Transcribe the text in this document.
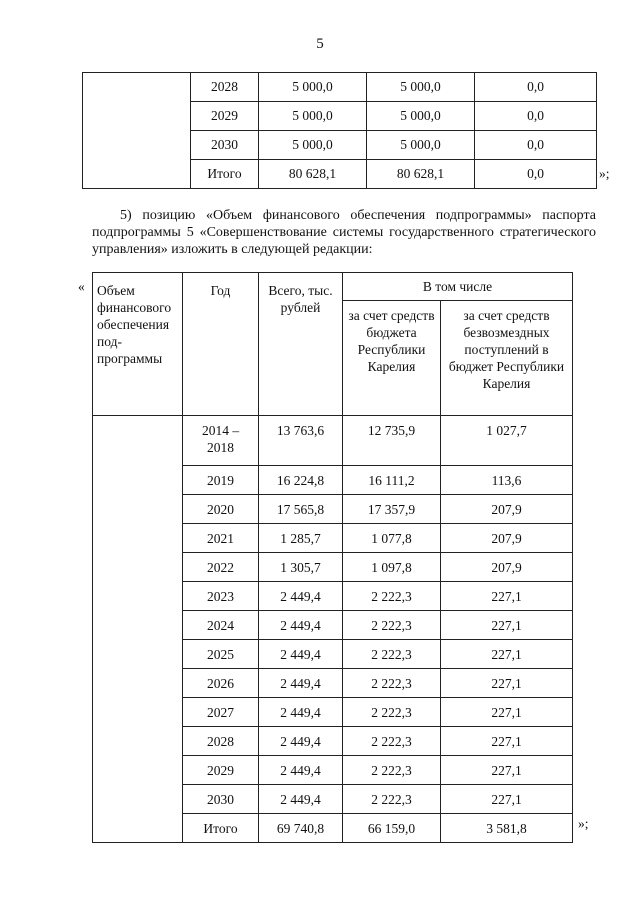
5
	2028	5 000,0	5 000,0	0,0
	2029	5 000,0	5 000,0	0,0
	2030	5 000,0	5 000,0	0,0
	Итого	80 628,1	80 628,1	0,0	»;
5) позицию «Объем финансового обеспечения подпрограммы» паспорта подпрограммы 5 «Совершенствование системы государственного стратегического управления» изложить в следующей редакции:
« Объем финансового обеспечения под-программы	Год	Всего, тыс. рублей	В том числе	
			за счет средств бюджета Республики Карелия	за счет средств безвозмездных поступлений в бюджет Республики Карелия
	2014 – 2018	13 763,6	12 735,9	1 027,7
	2019	16 224,8	16 111,2	113,6
	2020	17 565,8	17 357,9	207,9
	2021	1 285,7	1 077,8	207,9
	2022	1 305,7	1 097,8	207,9
	2023	2 449,4	2 222,3	227,1
	2024	2 449,4	2 222,3	227,1
	2025	2 449,4	2 222,3	227,1
	2026	2 449,4	2 222,3	227,1
	2027	2 449,4	2 222,3	227,1
	2028	2 449,4	2 222,3	227,1
	2029	2 449,4	2 222,3	227,1
	2030	2 449,4	2 222,3	227,1
	Итого	69 740,8	66 159,0	3 581,8	»;
